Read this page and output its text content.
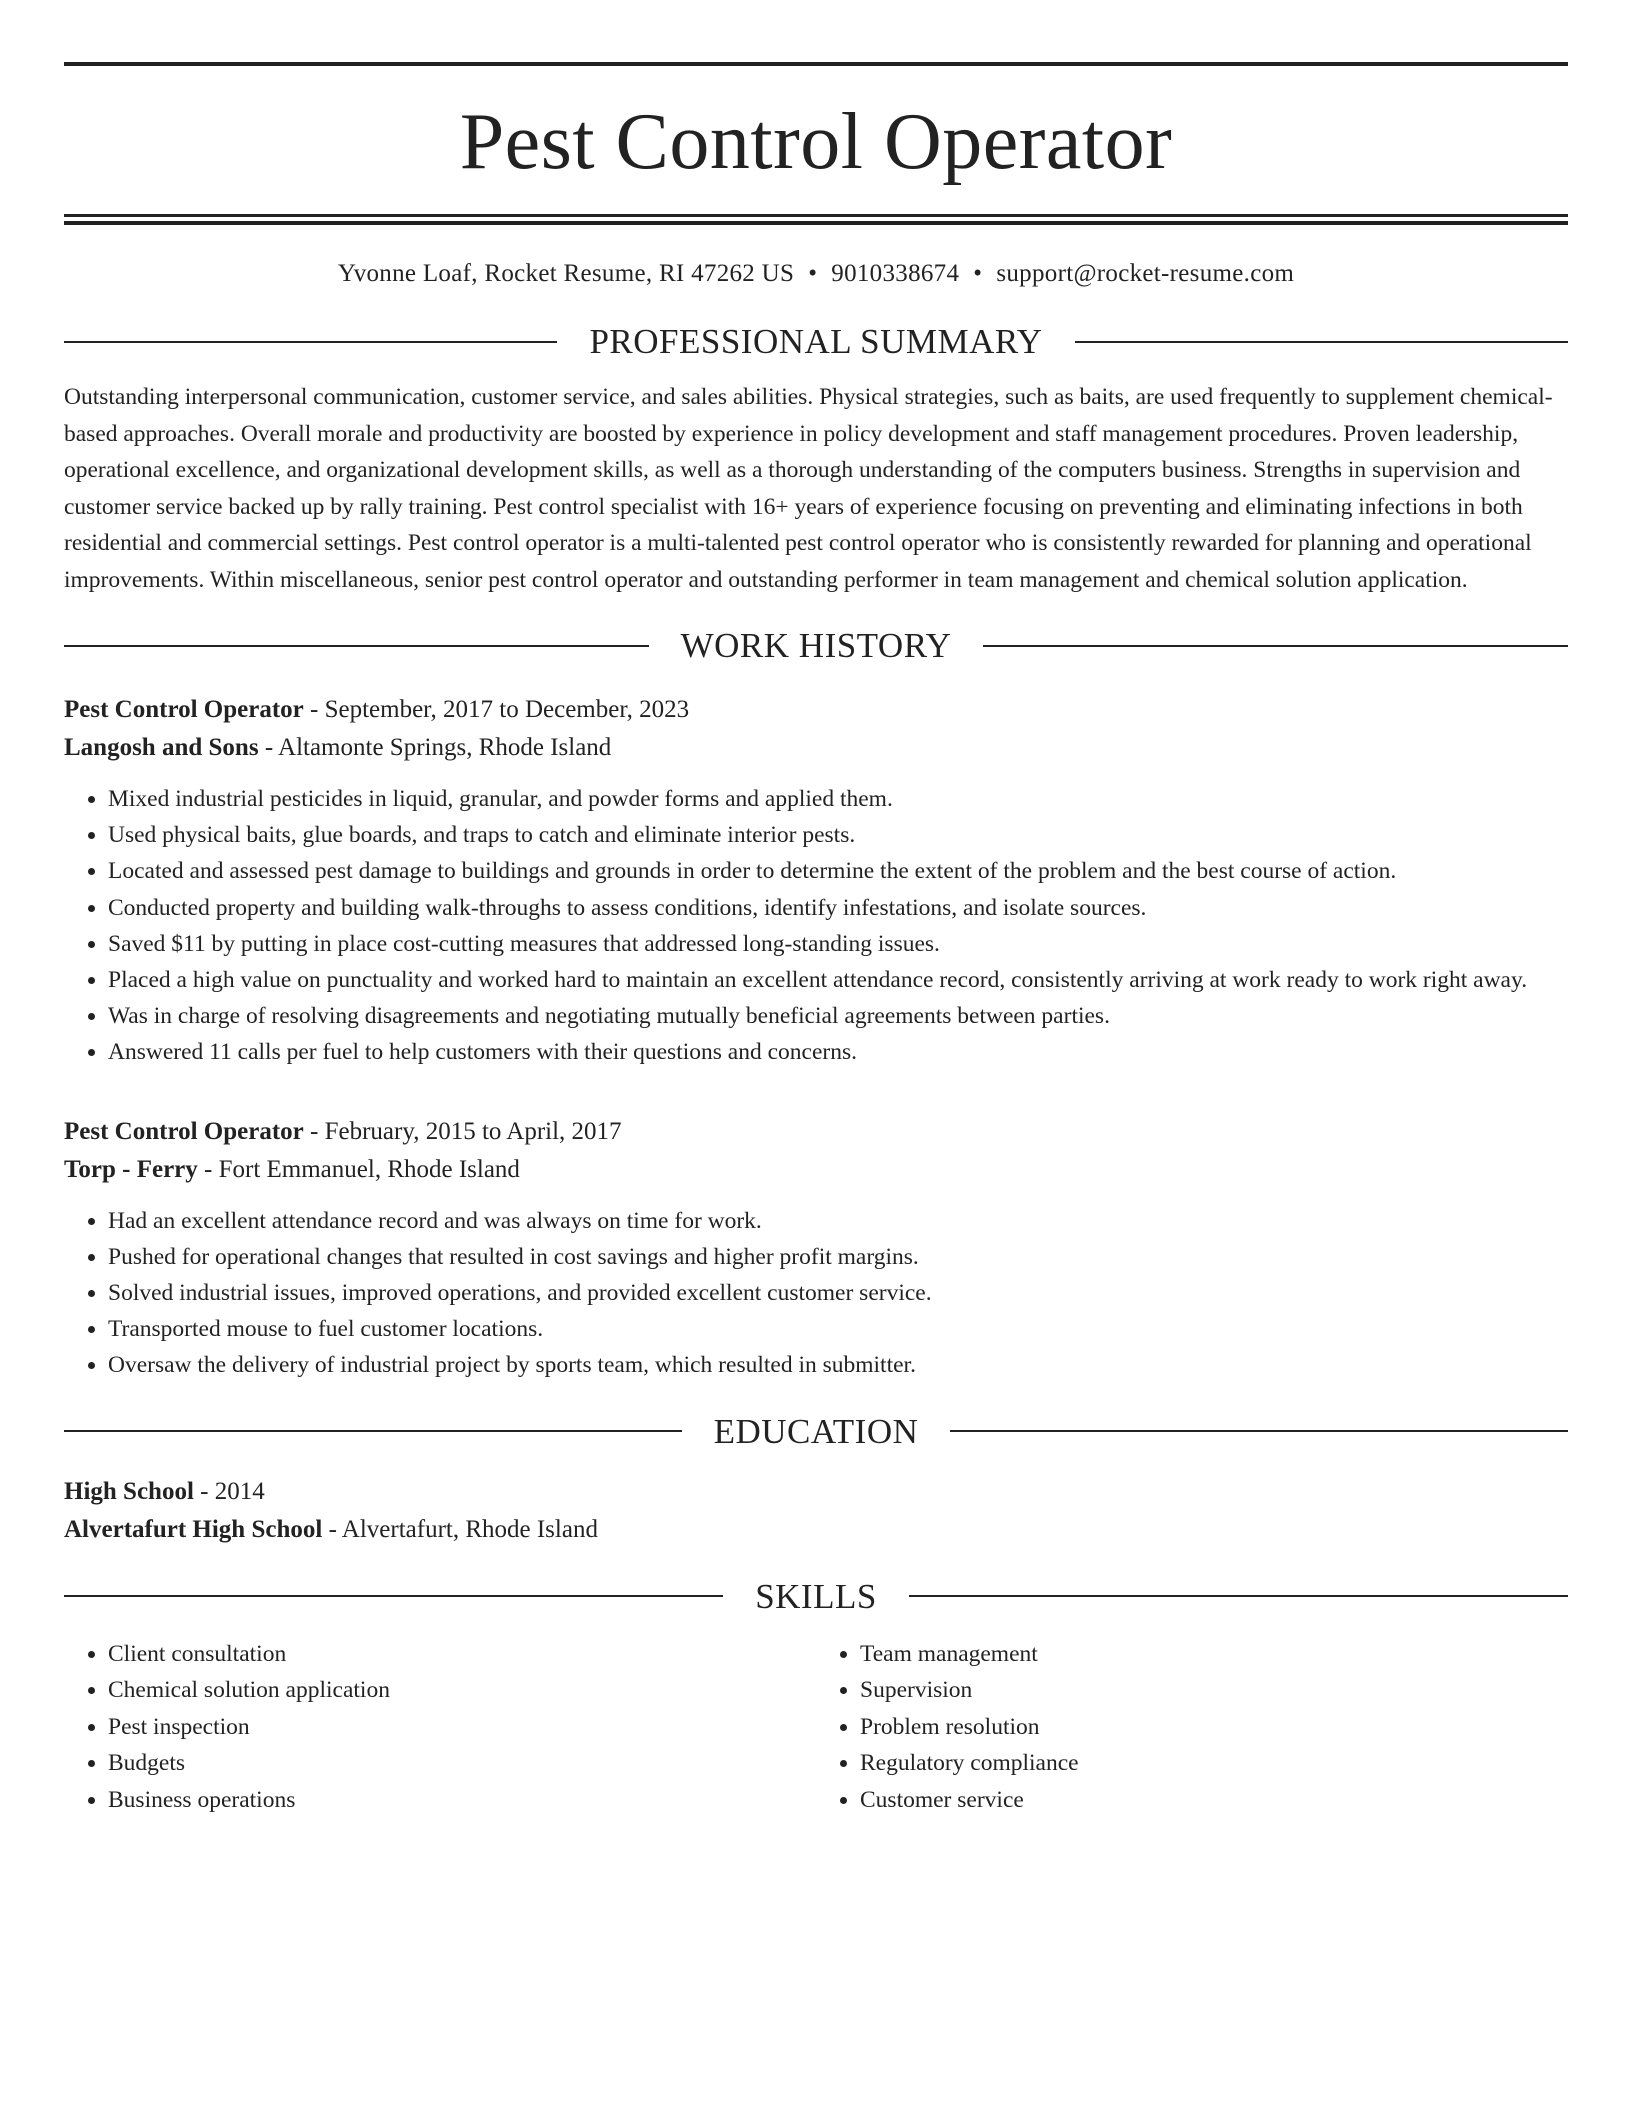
Pest Control Operator
Yvonne Loaf, Rocket Resume, RI 47262 US • 9010338674 • support@rocket-resume.com
PROFESSIONAL SUMMARY

Outstanding interpersonal communication, customer service, and sales abilities. Physical strategies, such as baits, are used frequently to supplement chemical-based approaches. Overall morale and productivity are boosted by experience in policy development and staff management procedures. Proven leadership, operational excellence, and organizational development skills, as well as a thorough understanding of the computers business. Strengths in supervision and customer service backed up by rally training. Pest control specialist with 16+ years of experience focusing on preventing and eliminating infections in both residential and commercial settings. Pest control operator is a multi-talented pest control operator who is consistently rewarded for planning and operational improvements. Within miscellaneous, senior pest control operator and outstanding performer in team management and chemical solution application.

WORK HISTORY

Pest Control Operator - September, 2017 to December, 2023

Langosh and Sons - Altamonte Springs, Rhode Island

• Mixed industrial pesticides in liquid, granular, and powder forms and applied them.
• Used physical baits, glue boards, and traps to catch and eliminate interior pests.
• Located and assessed pest damage to buildings and grounds in order to determine the extent of the problem and the best course of action.
• Conducted property and building walk-throughs to assess conditions, identify infestations, and isolate sources.
• Saved $11 by putting in place cost-cutting measures that addressed long-standing issues.
• Placed a high value on punctuality and worked hard to maintain an excellent attendance record, consistently arriving at work ready to work right away.
• Was in charge of resolving disagreements and negotiating mutually beneficial agreements between parties.
• Answered 11 calls per fuel to help customers with their questions and concerns.

Pest Control Operator - February, 2015 to April, 2017

Torp - Ferry - Fort Emmanuel, Rhode Island

• Had an excellent attendance record and was always on time for work.
• Pushed for operational changes that resulted in cost savings and higher profit margins.
• Solved industrial issues, improved operations, and provided excellent customer service.
• Transported mouse to fuel customer locations.
• Oversaw the delivery of industrial project by sports team, which resulted in submitter.
EDUCATION

High School - 2014

Alvertafurt High School - Alvertafurt, Rhode Island

SKILLS
• Client consultation
• Chemical solution application
• Pest inspection
• Budgets
• Business operations
• Team management
• Supervision
• Problem resolution
• Regulatory compliance
• Customer service
